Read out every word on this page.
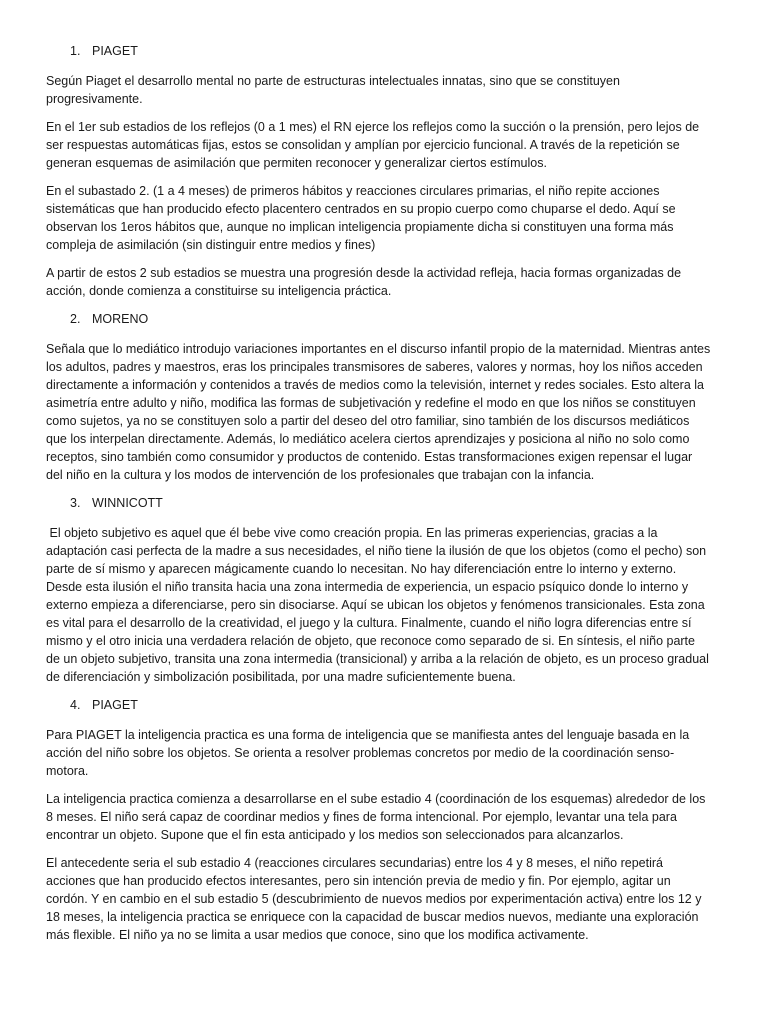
1. PIAGET

Según Piaget el desarrollo mental no parte de estructuras intelectuales innatas, sino que se constituyen progresivamente.

En el 1er sub estadios de los reflejos (0 a 1 mes) el RN ejerce los reflejos como la succión o la prensión, pero lejos de ser respuestas automáticas fijas, estos se consolidan y amplían por ejercicio funcional. A través de la repetición se generan esquemas de asimilación que permiten reconocer y generalizar ciertos estímulos.

En el subastado 2. (1 a 4 meses) de primeros hábitos y reacciones circulares primarias, el niño repite acciones sistemáticas que han producido efecto placentero centrados en su propio cuerpo como chuparse el dedo. Aquí se observan los 1eros hábitos que, aunque no implican inteligencia propiamente dicha si constituyen una forma más compleja de asimilación (sin distinguir entre medios y fines)

A partir de estos 2 sub estadios se muestra una progresión desde la actividad refleja, hacia formas organizadas de acción, donde comienza a constituirse su inteligencia práctica.

2. MORENO

Señala que lo mediático introdujo variaciones importantes en el discurso infantil propio de la maternidad. Mientras antes los adultos, padres y maestros, eras los principales transmisores de saberes, valores y normas, hoy los niños acceden directamente a información y contenidos a través de medios como la televisión, internet y redes sociales. Esto altera la asimetría entre adulto y niño, modifica las formas de subjetivación y redefine el modo en que los niños se constituyen como sujetos, ya no se constituyen solo a partir del deseo del otro familiar, sino también de los discursos mediáticos que los interpelan directamente. Además, lo mediático acelera ciertos aprendizajes y posiciona al niño no solo como receptos, sino también como consumidor y productos de contenido. Estas transformaciones exigen repensar el lugar del niño en la cultura y los modos de intervención de los profesionales que trabajan con la infancia.

3. WINNICOTT

El objeto subjetivo es aquel que él bebe vive como creación propia. En las primeras experiencias, gracias a la adaptación casi perfecta de la madre a sus necesidades, el niño tiene la ilusión de que los objetos (como el pecho) son parte de sí mismo y aparecen mágicamente cuando lo necesitan. No hay diferenciación entre lo interno y externo. Desde esta ilusión el niño transita hacia una zona intermedia de experiencia, un espacio psíquico donde lo interno y externo empieza a diferenciarse, pero sin disociarse. Aquí se ubican los objetos y fenómenos transicionales. Esta zona es vital para el desarrollo de la creatividad, el juego y la cultura. Finalmente, cuando el niño logra diferencias entre sí mismo y el otro inicia una verdadera relación de objeto, que reconoce como separado de si. En síntesis, el niño parte de un objeto subjetivo, transita una zona intermedia (transicional) y arriba a la relación de objeto, es un proceso gradual de diferenciación y simbolización posibilitada, por una madre suficientemente buena.

4. PIAGET

Para PIAGET la inteligencia practica es una forma de inteligencia que se manifiesta antes del lenguaje basada en la acción del niño sobre los objetos. Se orienta a resolver problemas concretos por medio de la coordinación senso-motora.

La inteligencia practica comienza a desarrollarse en el sube estadio 4 (coordinación de los esquemas) alrededor de los 8 meses. El niño será capaz de coordinar medios y fines de forma intencional. Por ejemplo, levantar una tela para encontrar un objeto. Supone que el fin esta anticipado y los medios son seleccionados para alcanzarlos.

El antecedente seria el sub estadio 4 (reacciones circulares secundarias) entre los 4 y 8 meses, el niño repetirá acciones que han producido efectos interesantes, pero sin intención previa de medio y fin. Por ejemplo, agitar un cordón. Y en cambio en el sub estadio 5 (descubrimiento de nuevos medios por experimentación activa) entre los 12 y 18 meses, la inteligencia practica se enriquece con la capacidad de buscar medios nuevos, mediante una exploración más flexible. El niño ya no se limita a usar medios que conoce, sino que los modifica activamente.
